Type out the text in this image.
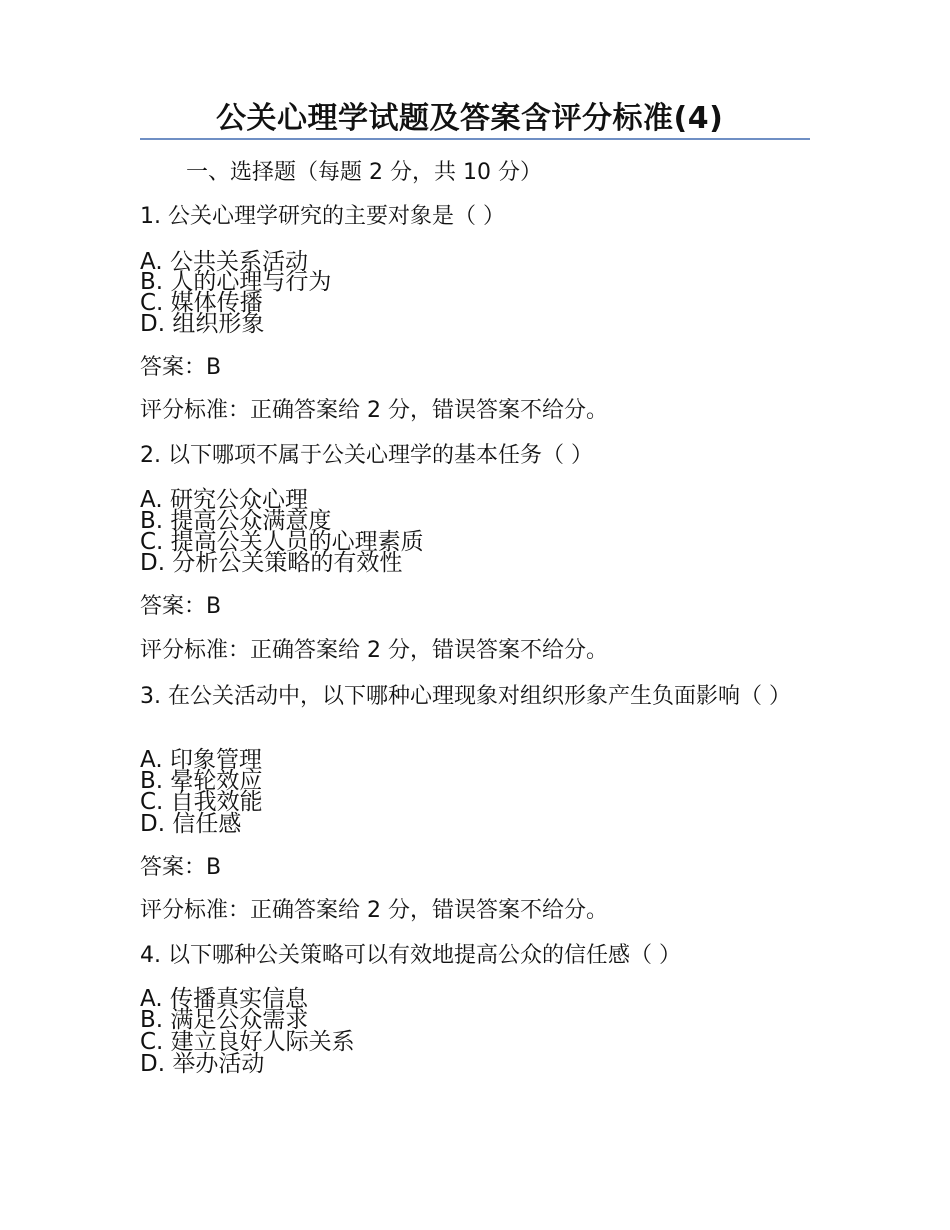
公关心理学试题及答案含评分标准(4)
一、选择题（每题 2 分，共 10 分）
1. 公关心理学研究的主要对象是（ ）
A. 公共关系活动
B. 人的心理与行为
C. 媒体传播
D. 组织形象
答案：B
评分标准：正确答案给 2 分，错误答案不给分。
2. 以下哪项不属于公关心理学的基本任务（ ）
A. 研究公众心理
B. 提高公众满意度
C. 提高公关人员的心理素质
D. 分析公关策略的有效性
答案：B
评分标准：正确答案给 2 分，错误答案不给分。
3. 在公关活动中，以下哪种心理现象对组织形象产生负面影响（ ）
A. 印象管理
B. 晕轮效应
C. 自我效能
D. 信任感
答案：B
评分标准：正确答案给 2 分，错误答案不给分。
4. 以下哪种公关策略可以有效地提高公众的信任感（ ）
A. 传播真实信息
B. 满足公众需求
C. 建立良好人际关系
D. 举办活动
